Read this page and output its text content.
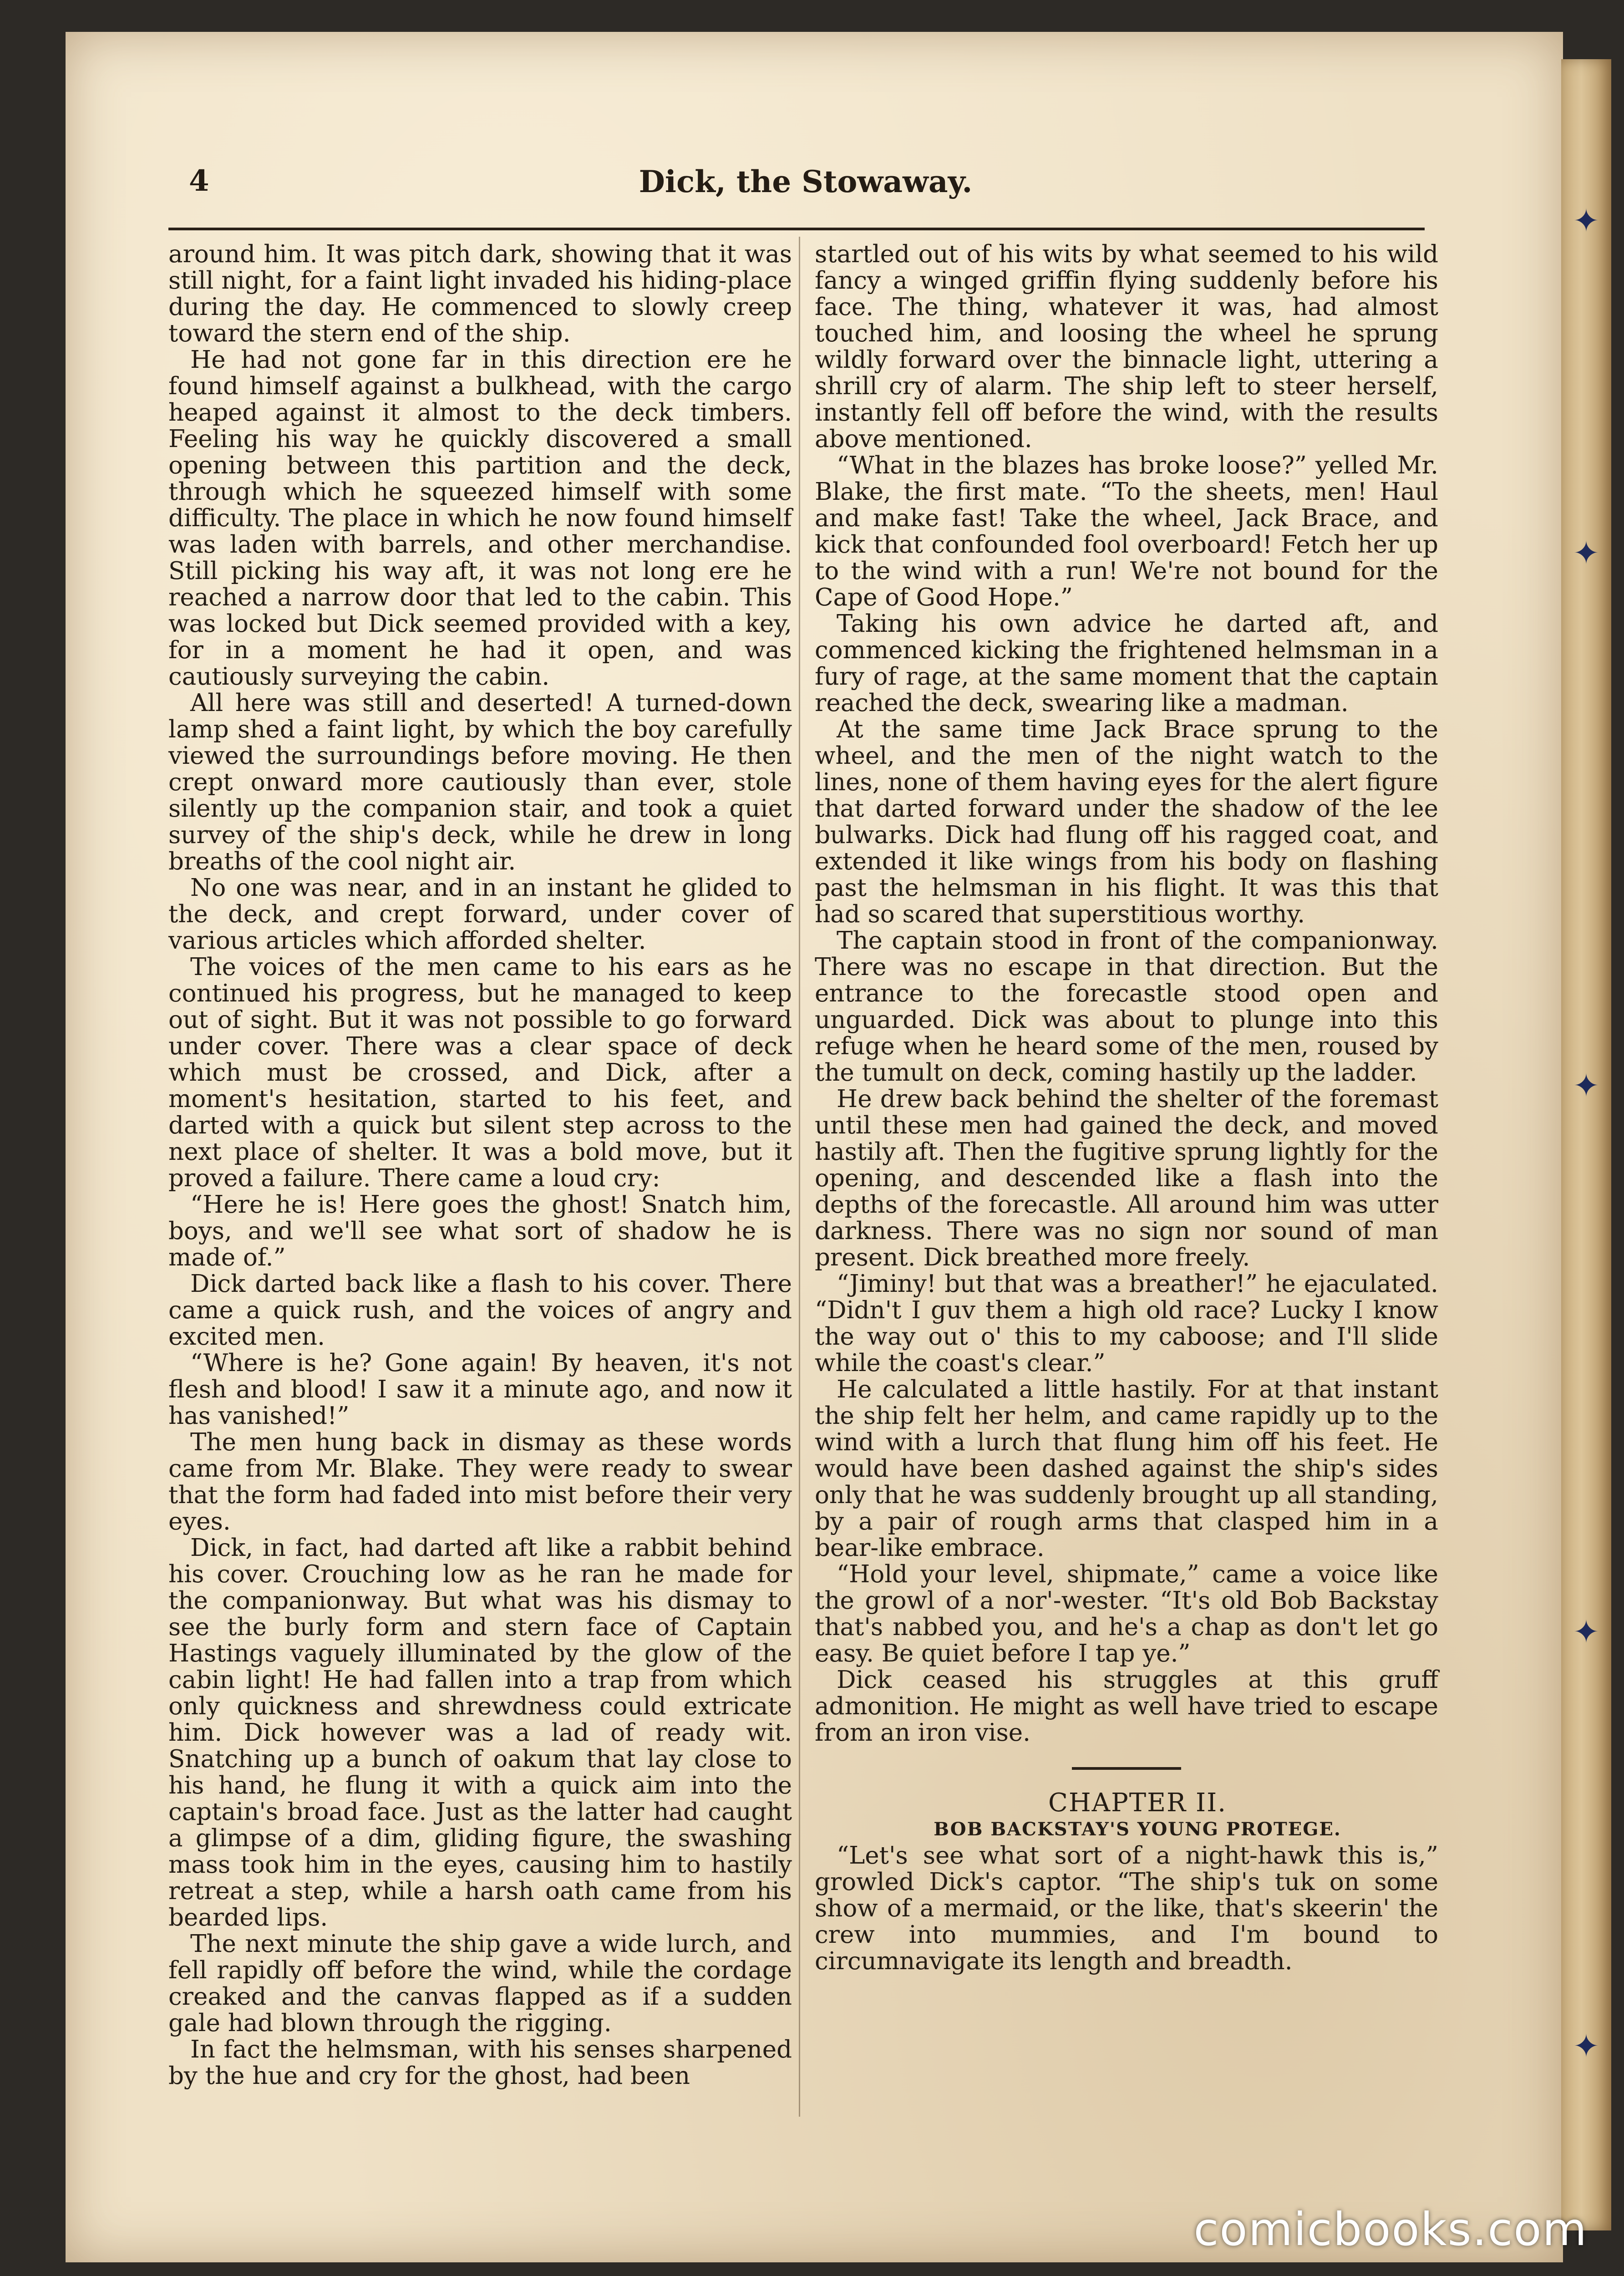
✦
✦
✦
✦
✦
4	Dick, the Stowaway.

around him. It was pitch dark, showing that it was still night, for a faint light invaded his hiding-place during the day. He commenced to slowly creep toward the stern end of the ship.

He had not gone far in this direction ere he found himself against a bulkhead, with the cargo heaped against it almost to the deck timbers. Feeling his way he quickly discovered a small opening between this partition and the deck, through which he squeezed himself with some difficulty. The place in which he now found himself was laden with barrels, and other merchandise. Still picking his way aft, it was not long ere he reached a narrow door that led to the cabin. This was locked but Dick seemed provided with a key, for in a moment he had it open, and was cautiously surveying the cabin.

All here was still and deserted! A turned-down lamp shed a faint light, by which the boy carefully viewed the surroundings before moving. He then crept onward more cautiously than ever, stole silently up the companion stair, and took a quiet survey of the ship's deck, while he drew in long breaths of the cool night air.

No one was near, and in an instant he glided to the deck, and crept forward, under cover of various articles which afforded shelter.

The voices of the men came to his ears as he continued his progress, but he managed to keep out of sight. But it was not possible to go forward under cover. There was a clear space of deck which must be crossed, and Dick, after a moment's hesitation, started to his feet, and darted with a quick but silent step across to the next place of shelter. It was a bold move, but it proved a failure. There came a loud cry:

“Here he is! Here goes the ghost! Snatch him, boys, and we'll see what sort of shadow he is made of.”

Dick darted back like a flash to his cover. There came a quick rush, and the voices of angry and excited men.

“Where is he? Gone again! By heaven, it's not flesh and blood! I saw it a minute ago, and now it has vanished!”

The men hung back in dismay as these words came from Mr. Blake. They were ready to swear that the form had faded into mist before their very eyes.

Dick, in fact, had darted aft like a rabbit behind his cover. Crouching low as he ran he made for the companionway. But what was his dismay to see the burly form and stern face of Captain Hastings vaguely illuminated by the glow of the cabin light! He had fallen into a trap from which only quickness and shrewdness could extricate him. Dick however was a lad of ready wit. Snatching up a bunch of oakum that lay close to his hand, he flung it with a quick aim into the captain's broad face. Just as the latter had caught a glimpse of a dim, gliding figure, the swashing mass took him in the eyes, causing him to hastily retreat a step, while a harsh oath came from his bearded lips.

The next minute the ship gave a wide lurch, and fell rapidly off before the wind, while the cordage creaked and the canvas flapped as if a sudden gale had blown through the rigging.

In fact the helmsman, with his senses sharpened by the hue and cry for the ghost, had been

startled out of his wits by what seemed to his wild fancy a winged griffin flying suddenly before his face. The thing, whatever it was, had almost touched him, and loosing the wheel he sprung wildly forward over the binnacle light, uttering a shrill cry of alarm. The ship left to steer herself, instantly fell off before the wind, with the results above mentioned.

“What in the blazes has broke loose?” yelled Mr. Blake, the first mate. “To the sheets, men! Haul and make fast! Take the wheel, Jack Brace, and kick that confounded fool overboard! Fetch her up to the wind with a run! We're not bound for the Cape of Good Hope.”

Taking his own advice he darted aft, and commenced kicking the frightened helmsman in a fury of rage, at the same moment that the captain reached the deck, swearing like a madman.

At the same time Jack Brace sprung to the wheel, and the men of the night watch to the lines, none of them having eyes for the alert figure that darted forward under the shadow of the lee bulwarks. Dick had flung off his ragged coat, and extended it like wings from his body on flashing past the helmsman in his flight. It was this that had so scared that superstitious worthy.

The captain stood in front of the companionway. There was no escape in that direction. But the entrance to the forecastle stood open and unguarded. Dick was about to plunge into this refuge when he heard some of the men, roused by the tumult on deck, coming hastily up the ladder.

He drew back behind the shelter of the foremast until these men had gained the deck, and moved hastily aft. Then the fugitive sprung lightly for the opening, and descended like a flash into the depths of the forecastle. All around him was utter darkness. There was no sign nor sound of man present. Dick breathed more freely.

“Jiminy! but that was a breather!” he ejaculated. “Didn't I guv them a high old race? Lucky I know the way out o' this to my caboose; and I'll slide while the coast's clear.”

He calculated a little hastily. For at that instant the ship felt her helm, and came rapidly up to the wind with a lurch that flung him off his feet. He would have been dashed against the ship's sides only that he was suddenly brought up all standing, by a pair of rough arms that clasped him in a bear-like embrace.

“Hold your level, shipmate,” came a voice like the growl of a nor'-wester. “It's old Bob Backstay that's nabbed you, and he's a chap as don't let go easy. Be quiet before I tap ye.”

Dick ceased his struggles at this gruff admonition. He might as well have tried to escape from an iron vise.

CHAPTER II.

BOB BACKSTAY'S YOUNG PROTEGE.

“Let's see what sort of a night-hawk this is,” growled Dick's captor. “The ship's tuk on some show of a mermaid, or the like, that's skeerin' the crew into mummies, and I'm bound to circumnavigate its length and breadth.

comicbooks.com
